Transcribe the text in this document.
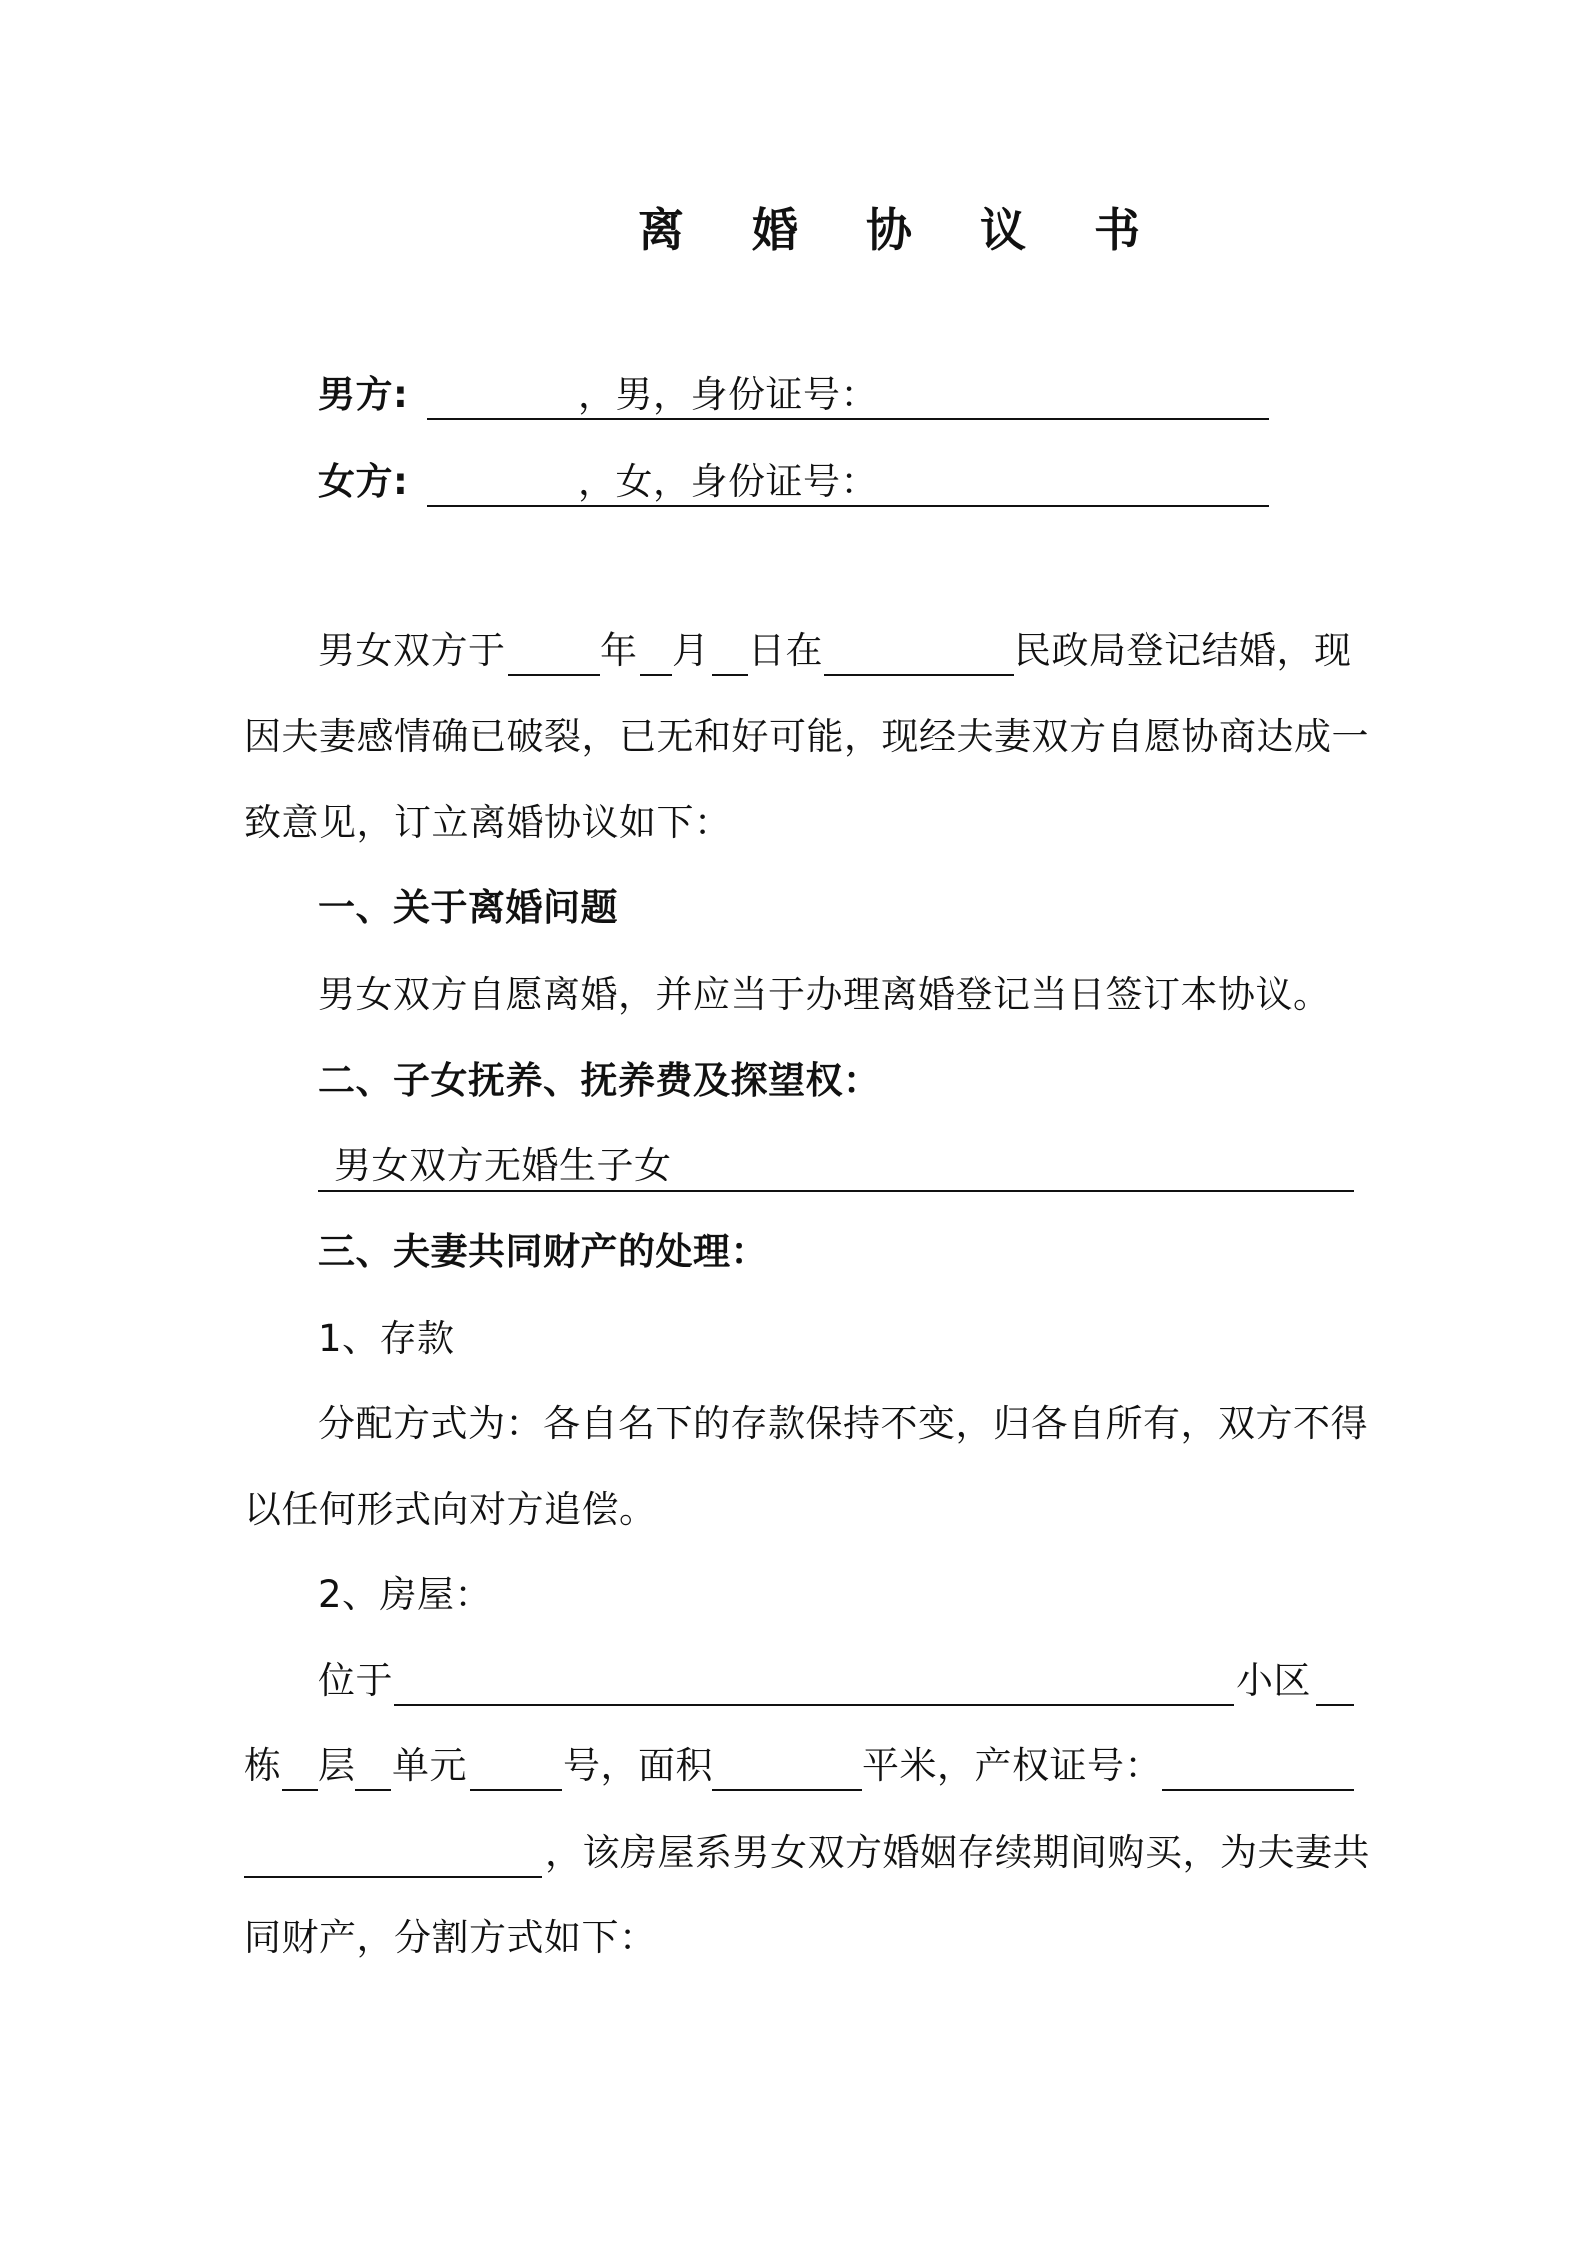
离 婚 协 议 书
男方:	，男，身份证号：
女方:	，女，身份证号：
男女双方于	年 月 日在	民政局登记结婚，现
因夫妻感情确已破裂，已无和好可能，现经夫妻双方自愿协商达成一
致意见，订立离婚协议如下：
一、关于离婚问题
男女双方自愿离婚，并应当于办理离婚登记当日签订本协议。
二、子女抚养、抚养费及探望权：
男女双方无婚生子女
三、夫妻共同财产的处理：
1、存款
分配方式为：各自名下的存款保持不变，归各自所有，双方不得
以任何形式向对方追偿。
2、房屋：
位于	小区
栋 层 单元	号，面积	平米，产权证号：
，该房屋系男女双方婚姻存续期间购买，为夫妻共
同财产，分割方式如下：
